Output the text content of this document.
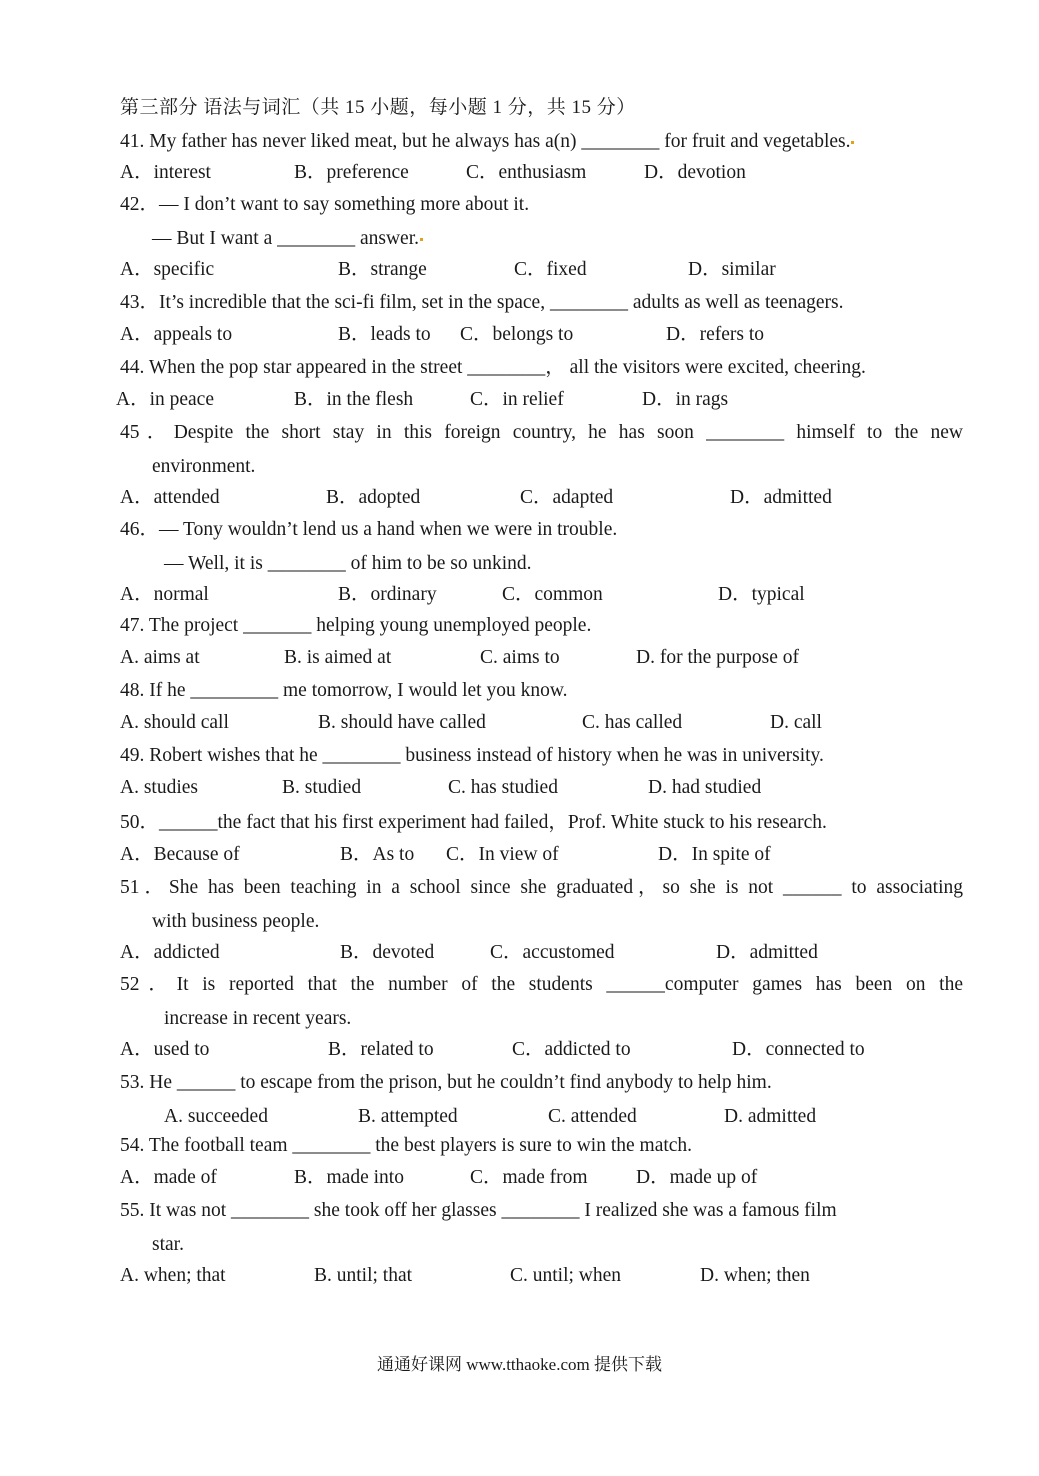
第三部分 语法与词汇（共 15 小题，每小题 1 分，共 15 分）
41. My father has never liked meat, but he always has a(n) ________ for fruit and vegetables.
A．interest	B．preference	C．enthusiasm	D．devotion
42．— I don’t want to say something more about it.
— But I want a ________ answer.
A．specific	B．strange	C．fixed	D．similar
43．It’s incredible that the sci-fi film, set in the space, ________ adults as well as teenagers.
A．appeals to	B．leads to C．belongs to	D．refers to
44. When the pop star appeared in the street ________， all the visitors were excited, cheering.
A．in peace	B．in the flesh	C．in relief	D．in rags
45．Despite the short stay in this foreign country, he has soon ________ himself to the new
environment.
A．attended	B．adopted	C．adapted	D．admitted
46．— Tony wouldn’t lend us a hand when we were in trouble.
— Well, it is ________ of him to be so unkind.
A．normal	B．ordinary	C．common	D．typical
47. The project _______ helping young unemployed people.
A. aims at	B. is aimed at	C. aims to	D. for the purpose of
48. If he _________ me tomorrow, I would let you know.
A. should call	B. should have called	C. has called	D. call
49. Robert wishes that he ________ business instead of history when he was in university.
A. studies	B. studied	C. has studied	D. had studied
50．______the fact that his first experiment had failed，Prof. White stuck to his research.
A．Because of	B．As to C．In view of	D．In spite of
51．She has been teaching in a school since she graduated，so she is not ______ to associating
with business people.
A．addicted	B．devoted	C．accustomed	D．admitted
52．It is reported that the number of the students ______computer games has been on the
increase in recent years.
A．used to	B．related to	C．addicted to	D．connected to
53. He ______ to escape from the prison, but he couldn’t find anybody to help him.
A. succeeded	B. attempted	C. attended	D. admitted
54. The football team ________ the best players is sure to win the match.
A．made of	B．made into	C．made from D．made up of
55. It was not ________ she took off her glasses ________ I realized she was a famous film
star.
A. when; that	B. until; that	C. until; when	D. when; then
通通好课网 www.tthaoke.com 提供下载
